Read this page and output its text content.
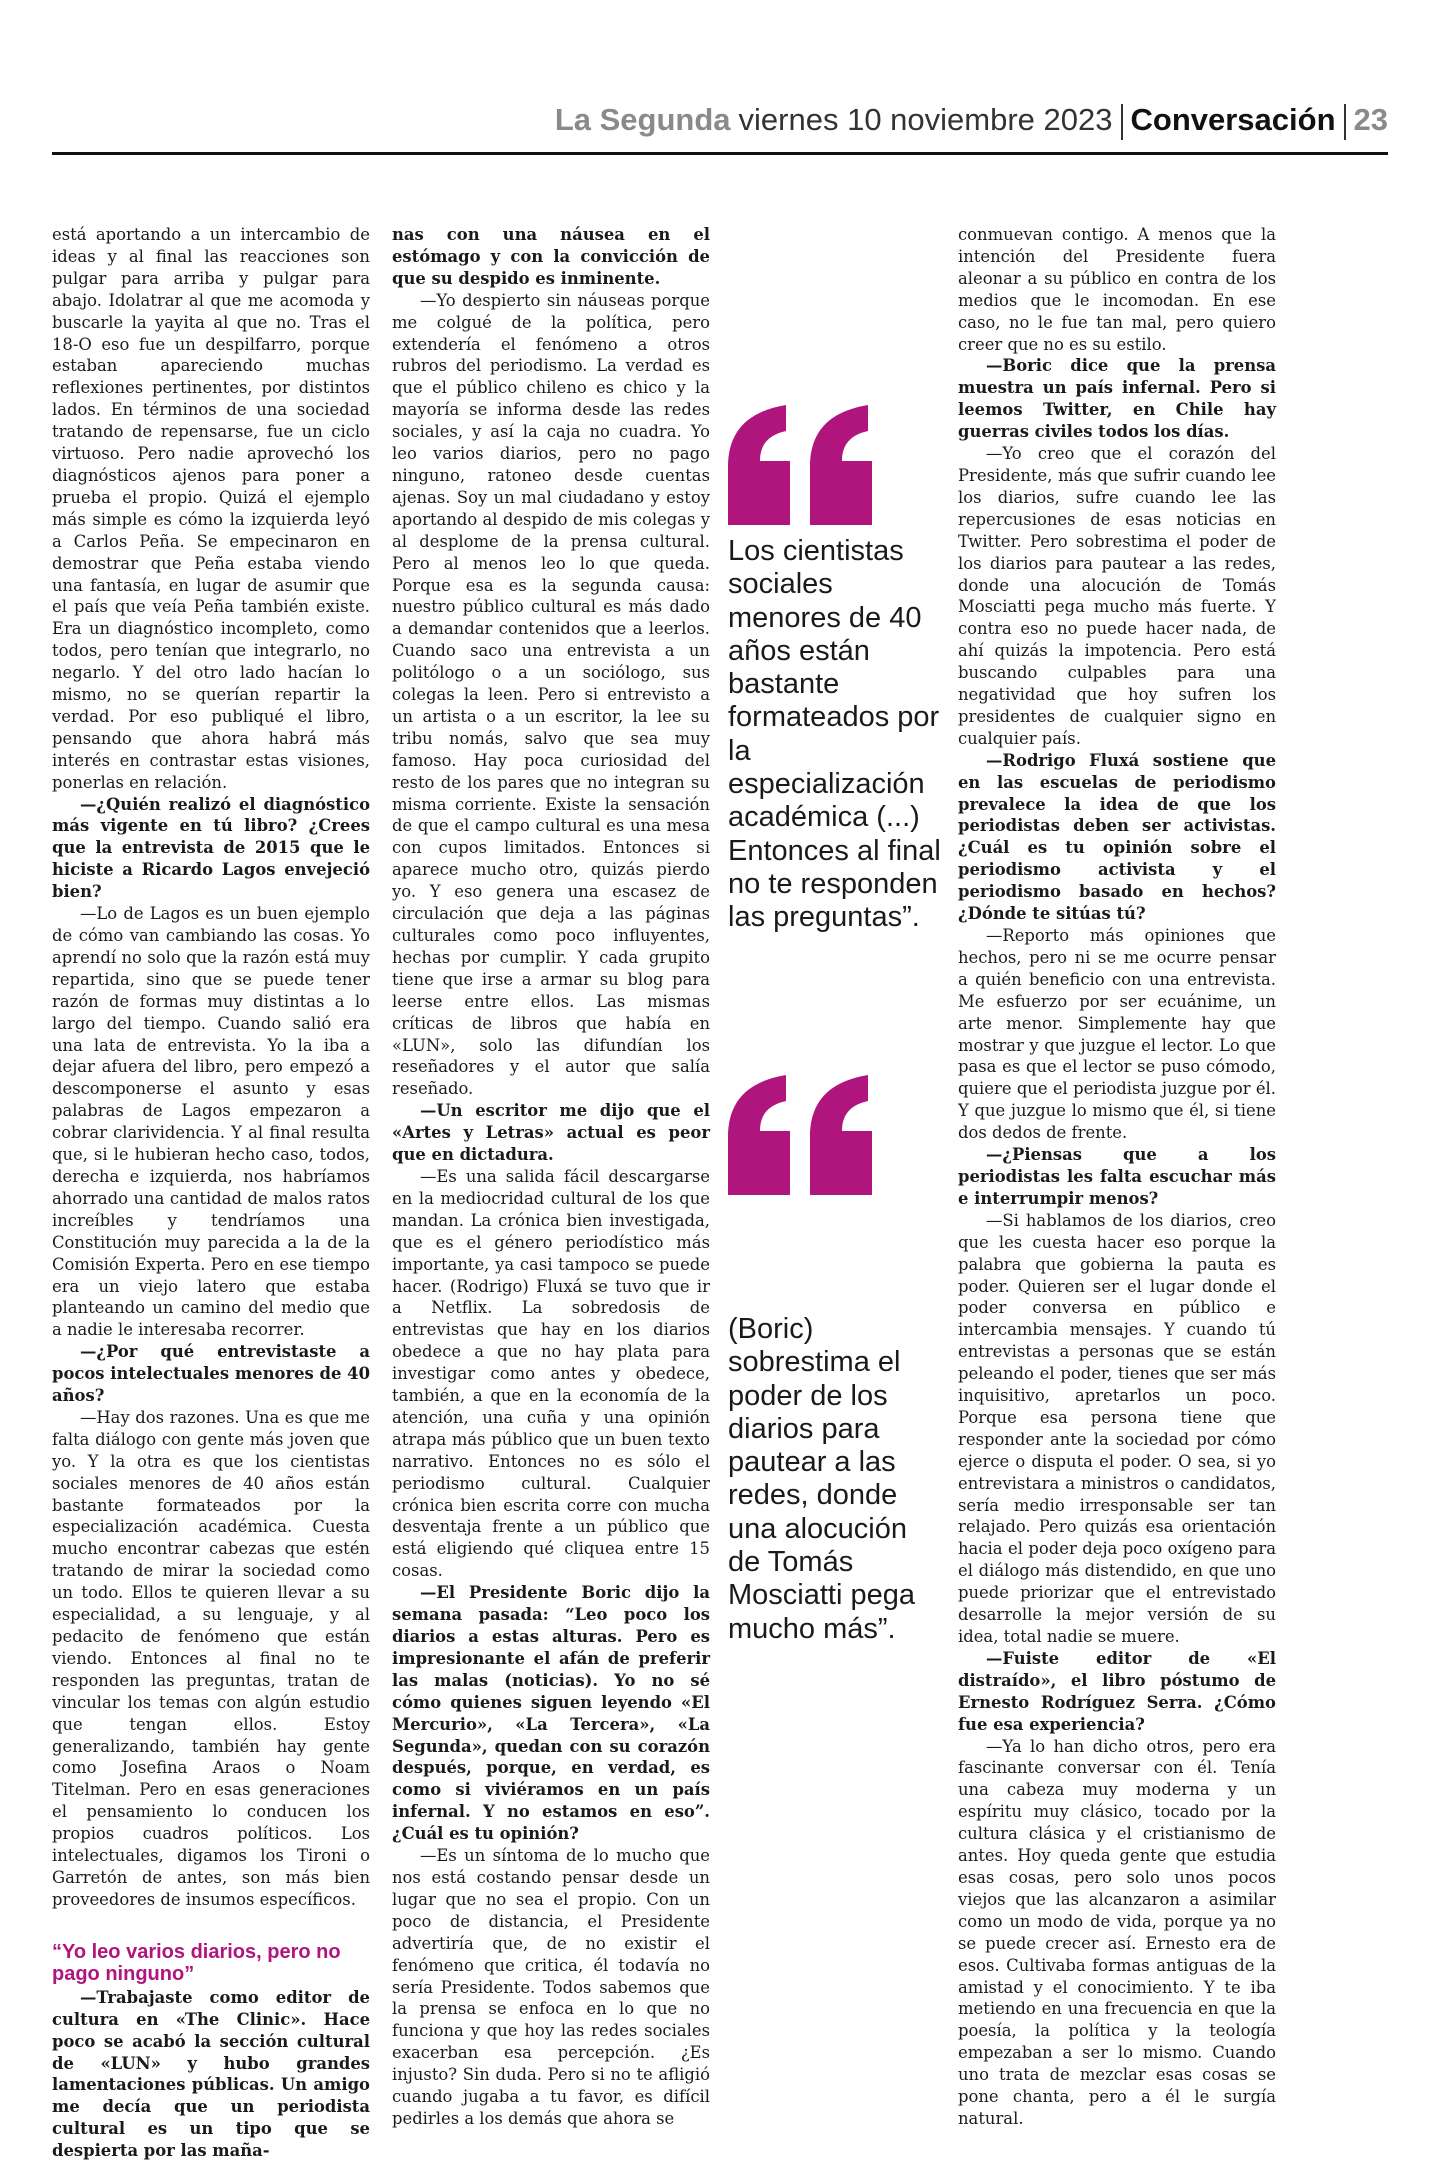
La Segunda viernes 10 noviembre 2023 Conversación 23

está aportando a un intercambio de ideas y al final las reacciones son pulgar para arriba y pulgar para abajo. Idolatrar al que me acomoda y buscarle la yayita al que no. Tras el 18-O eso fue un despilfarro, porque estaban apareciendo muchas reflexiones pertinentes, por distintos lados. En términos de una sociedad tratando de repensarse, fue un ciclo virtuoso. Pero nadie aprovechó los diagnósticos ajenos para poner a prueba el propio. Quizá el ejemplo más simple es cómo la izquierda leyó a Carlos Peña. Se empecinaron en demostrar que Peña estaba viendo una fantasía, en lugar de asumir que el país que veía Peña también existe. Era un diagnóstico incompleto, como todos, pero tenían que integrarlo, no negarlo. Y del otro lado hacían lo mismo, no se querían repartir la verdad. Por eso publiqué el libro, pensando que ahora habrá más interés en contrastar estas visiones, ponerlas en relación.

—¿Quién realizó el diagnóstico más vigente en tú libro? ¿Crees que la entrevista de 2015 que le hiciste a Ricardo Lagos envejeció bien?

—Lo de Lagos es un buen ejemplo de cómo van cambiando las cosas. Yo aprendí no solo que la razón está muy repartida, sino que se puede tener razón de formas muy distintas a lo largo del tiempo. Cuando salió era una lata de entrevista. Yo la iba a dejar afuera del libro, pero empezó a descomponerse el asunto y esas palabras de Lagos empezaron a cobrar clarividencia. Y al final resulta que, si le hubieran hecho caso, todos, derecha e izquierda, nos habríamos ahorrado una cantidad de malos ratos increíbles y tendríamos una Constitución muy parecida a la de la Comisión Experta. Pero en ese tiempo era un viejo latero que estaba planteando un camino del medio que a nadie le interesaba recorrer.

—¿Por qué entrevistaste a pocos intelectuales menores de 40 años?

—Hay dos razones. Una es que me falta diálogo con gente más joven que yo. Y la otra es que los cientistas sociales menores de 40 años están bastante formateados por la especialización académica. Cuesta mucho encontrar cabezas que estén tratando de mirar la sociedad como un todo. Ellos te quieren llevar a su especialidad, a su lenguaje, y al pedacito de fenómeno que están viendo. Entonces al final no te responden las preguntas, tratan de vincular los temas con algún estudio que tengan ellos. Estoy generalizando, también hay gente como Josefina Araos o Noam Titelman. Pero en esas generaciones el pensamiento lo conducen los propios cuadros políticos. Los intelectuales, digamos los Tironi o Garretón de antes, son más bien proveedores de insumos específicos.

“Yo leo varios diarios, pero no pago ninguno”

—Trabajaste como editor de cultura en «The Clinic». Hace poco se acabó la sección cultural de «LUN» y hubo grandes lamentaciones públicas. Un amigo me decía que un periodista cultural es un tipo que se despierta por las maña-

nas con una náusea en el estómago y con la convicción de que su despido es inminente.

—Yo despierto sin náuseas porque me colgué de la política, pero extendería el fenómeno a otros rubros del periodismo. La verdad es que el público chileno es chico y la mayoría se informa desde las redes sociales, y así la caja no cuadra. Yo leo varios diarios, pero no pago ninguno, ratoneo desde cuentas ajenas. Soy un mal ciudadano y estoy aportando al despido de mis colegas y al desplome de la prensa cultural. Pero al menos leo lo que queda. Porque esa es la segunda causa: nuestro público cultural es más dado a demandar contenidos que a leerlos. Cuando saco una entrevista a un politólogo o a un sociólogo, sus colegas la leen. Pero si entrevisto a un artista o a un escritor, la lee su tribu nomás, salvo que sea muy famoso. Hay poca curiosidad del resto de los pares que no integran su misma corriente. Existe la sensación de que el campo cultural es una mesa con cupos limitados. Entonces si aparece mucho otro, quizás pierdo yo. Y eso genera una escasez de circulación que deja a las páginas culturales como poco influyentes, hechas por cumplir. Y cada grupito tiene que irse a armar su blog para leerse entre ellos. Las mismas críticas de libros que había en «LUN», solo las difundían los reseñadores y el autor que salía reseñado.

—Un escritor me dijo que el «Artes y Letras» actual es peor que en dictadura.

—Es una salida fácil descargarse en la mediocridad cultural de los que mandan. La crónica bien investigada, que es el género periodístico más importante, ya casi tampoco se puede hacer. (Rodrigo) Fluxá se tuvo que ir a Netflix. La sobredosis de entrevistas que hay en los diarios obedece a que no hay plata para investigar como antes y obedece, también, a que en la economía de la atención, una cuña y una opinión atrapa más público que un buen texto narrativo. Entonces no es sólo el periodismo cultural. Cualquier crónica bien escrita corre con mucha desventaja frente a un público que está eligiendo qué cliquea entre 15 cosas.

—El Presidente Boric dijo la semana pasada: “Leo poco los diarios a estas alturas. Pero es impresionante el afán de preferir las malas (noticias). Yo no sé cómo quienes siguen leyendo «El Mercurio», «La Tercera», «La Segunda», quedan con su corazón después, porque, en verdad, es como si viviéramos en un país infernal. Y no estamos en eso”. ¿Cuál es tu opinión?

—Es un síntoma de lo mucho que nos está costando pensar desde un lugar que no sea el propio. Con un poco de distancia, el Presidente advertiría que, de no existir el fenómeno que critica, él todavía no sería Presidente. Todos sabemos que la prensa se enfoca en lo que no funciona y que hoy las redes sociales exacerban esa percepción. ¿Es injusto? Sin duda. Pero si no te afligió cuando jugaba a tu favor, es difícil pedirles a los demás que ahora se

Los cientistas sociales menores de 40 años están bastante formateados por la especialización académica (...) Entonces al final no te responden las preguntas”.
(Boric) sobrestima el poder de los diarios para pautear a las redes, donde una alocución de Tomás Mosciatti pega mucho más”.

conmuevan contigo. A menos que la intención del Presidente fuera aleonar a su público en contra de los medios que le incomodan. En ese caso, no le fue tan mal, pero quiero creer que no es su estilo.

—Boric dice que la prensa muestra un país infernal. Pero si leemos Twitter, en Chile hay guerras civiles todos los días.

—Yo creo que el corazón del Presidente, más que sufrir cuando lee los diarios, sufre cuando lee las repercusiones de esas noticias en Twitter. Pero sobrestima el poder de los diarios para pautear a las redes, donde una alocución de Tomás Mosciatti pega mucho más fuerte. Y contra eso no puede hacer nada, de ahí quizás la impotencia. Pero está buscando culpables para una negatividad que hoy sufren los presidentes de cualquier signo en cualquier país.

—Rodrigo Fluxá sostiene que en las escuelas de periodismo prevalece la idea de que los periodistas deben ser activistas. ¿Cuál es tu opinión sobre el periodismo activista y el periodismo basado en hechos? ¿Dónde te sitúas tú?

—Reporto más opiniones que hechos, pero ni se me ocurre pensar a quién beneficio con una entrevista. Me esfuerzo por ser ecuánime, un arte menor. Simplemente hay que mostrar y que juzgue el lector. Lo que pasa es que el lector se puso cómodo, quiere que el periodista juzgue por él. Y que juzgue lo mismo que él, si tiene dos dedos de frente.

—¿Piensas que a los periodistas les falta escuchar más e interrumpir menos?

—Si hablamos de los diarios, creo que les cuesta hacer eso porque la palabra que gobierna la pauta es poder. Quieren ser el lugar donde el poder conversa en público e intercambia mensajes. Y cuando tú entrevistas a personas que se están peleando el poder, tienes que ser más inquisitivo, apretarlos un poco. Porque esa persona tiene que responder ante la sociedad por cómo ejerce o disputa el poder. O sea, si yo entrevistara a ministros o candidatos, sería medio irresponsable ser tan relajado. Pero quizás esa orientación hacia el poder deja poco oxígeno para el diálogo más distendido, en que uno puede priorizar que el entrevistado desarrolle la mejor versión de su idea, total nadie se muere.

—Fuiste editor de «El distraído», el libro póstumo de Ernesto Rodríguez Serra. ¿Cómo fue esa experiencia?

—Ya lo han dicho otros, pero era fascinante conversar con él. Tenía una cabeza muy moderna y un espíritu muy clásico, tocado por la cultura clásica y el cristianismo de antes. Hoy queda gente que estudia esas cosas, pero solo unos pocos viejos que las alcanzaron a asimilar como un modo de vida, porque ya no se puede crecer así. Ernesto era de esos. Cultivaba formas antiguas de la amistad y el conocimiento. Y te iba metiendo en una frecuencia en que la poesía, la política y la teología empezaban a ser lo mismo. Cuando uno trata de mezclar esas cosas se pone chanta, pero a él le surgía natural.
